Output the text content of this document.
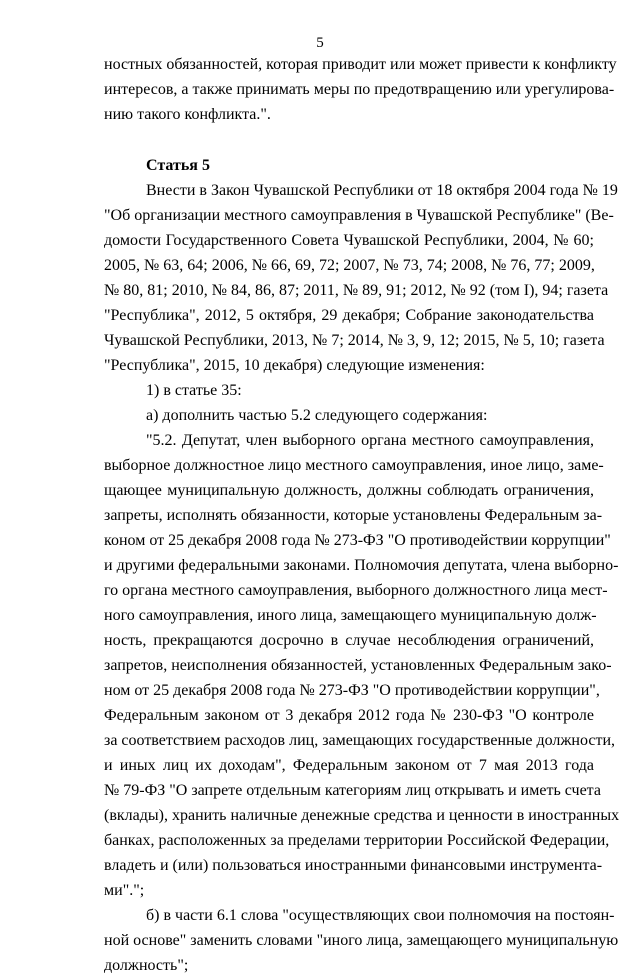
5
ностных обязанностей, которая приводит или может привести к конфликту
интересов, а также принимать меры по предотвращению или урегулирова-
нию такого конфликта.".
Статья 5
Внести в Закон Чувашской Республики от 18 октября 2004 года № 19
"Об организации местного самоуправления в Чувашской Республике" (Ве-
домости Государственного Совета Чувашской Республики, 2004, № 60;
2005, № 63, 64; 2006, № 66, 69, 72; 2007, № 73, 74; 2008, № 76, 77; 2009,
№ 80, 81; 2010, № 84, 86, 87; 2011, № 89, 91; 2012, № 92 (том I), 94; газета
"Республика", 2012, 5 октября, 29 декабря; Собрание законодательства
Чувашской Республики, 2013, № 7; 2014, № 3, 9, 12; 2015, № 5, 10; газета
"Республика", 2015, 10 декабря) следующие изменения:
1) в статье 35:
а) дополнить частью 5.2 следующего содержания:
"5.2. Депутат, член выборного органа местного самоуправления,
выборное должностное лицо местного самоуправления, иное лицо, заме-
щающее муниципальную должность, должны соблюдать ограничения,
запреты, исполнять обязанности, которые установлены Федеральным за-
коном от 25 декабря 2008 года № 273-ФЗ "О противодействии коррупции"
и другими федеральными законами. Полномочия депутата, члена выборно-
го органа местного самоуправления, выборного должностного лица мест-
ного самоуправления, иного лица, замещающего муниципальную долж-
ность, прекращаются досрочно в случае несоблюдения ограничений,
запретов, неисполнения обязанностей, установленных Федеральным зако-
ном от 25 декабря 2008 года № 273-ФЗ "О противодействии коррупции",
Федеральным законом от 3 декабря 2012 года № 230-ФЗ "О контроле
за соответствием расходов лиц, замещающих государственные должности,
и иных лиц их доходам", Федеральным законом от 7 мая 2013 года
№ 79-ФЗ "О запрете отдельным категориям лиц открывать и иметь счета
(вклады), хранить наличные денежные средства и ценности в иностранных
банках, расположенных за пределами территории Российской Федерации,
владеть и (или) пользоваться иностранными финансовыми инструмента-
ми".";
б) в части 6.1 слова "осуществляющих свои полномочия на постоян-
ной основе" заменить словами "иного лица, замещающего муниципальную
должность";
